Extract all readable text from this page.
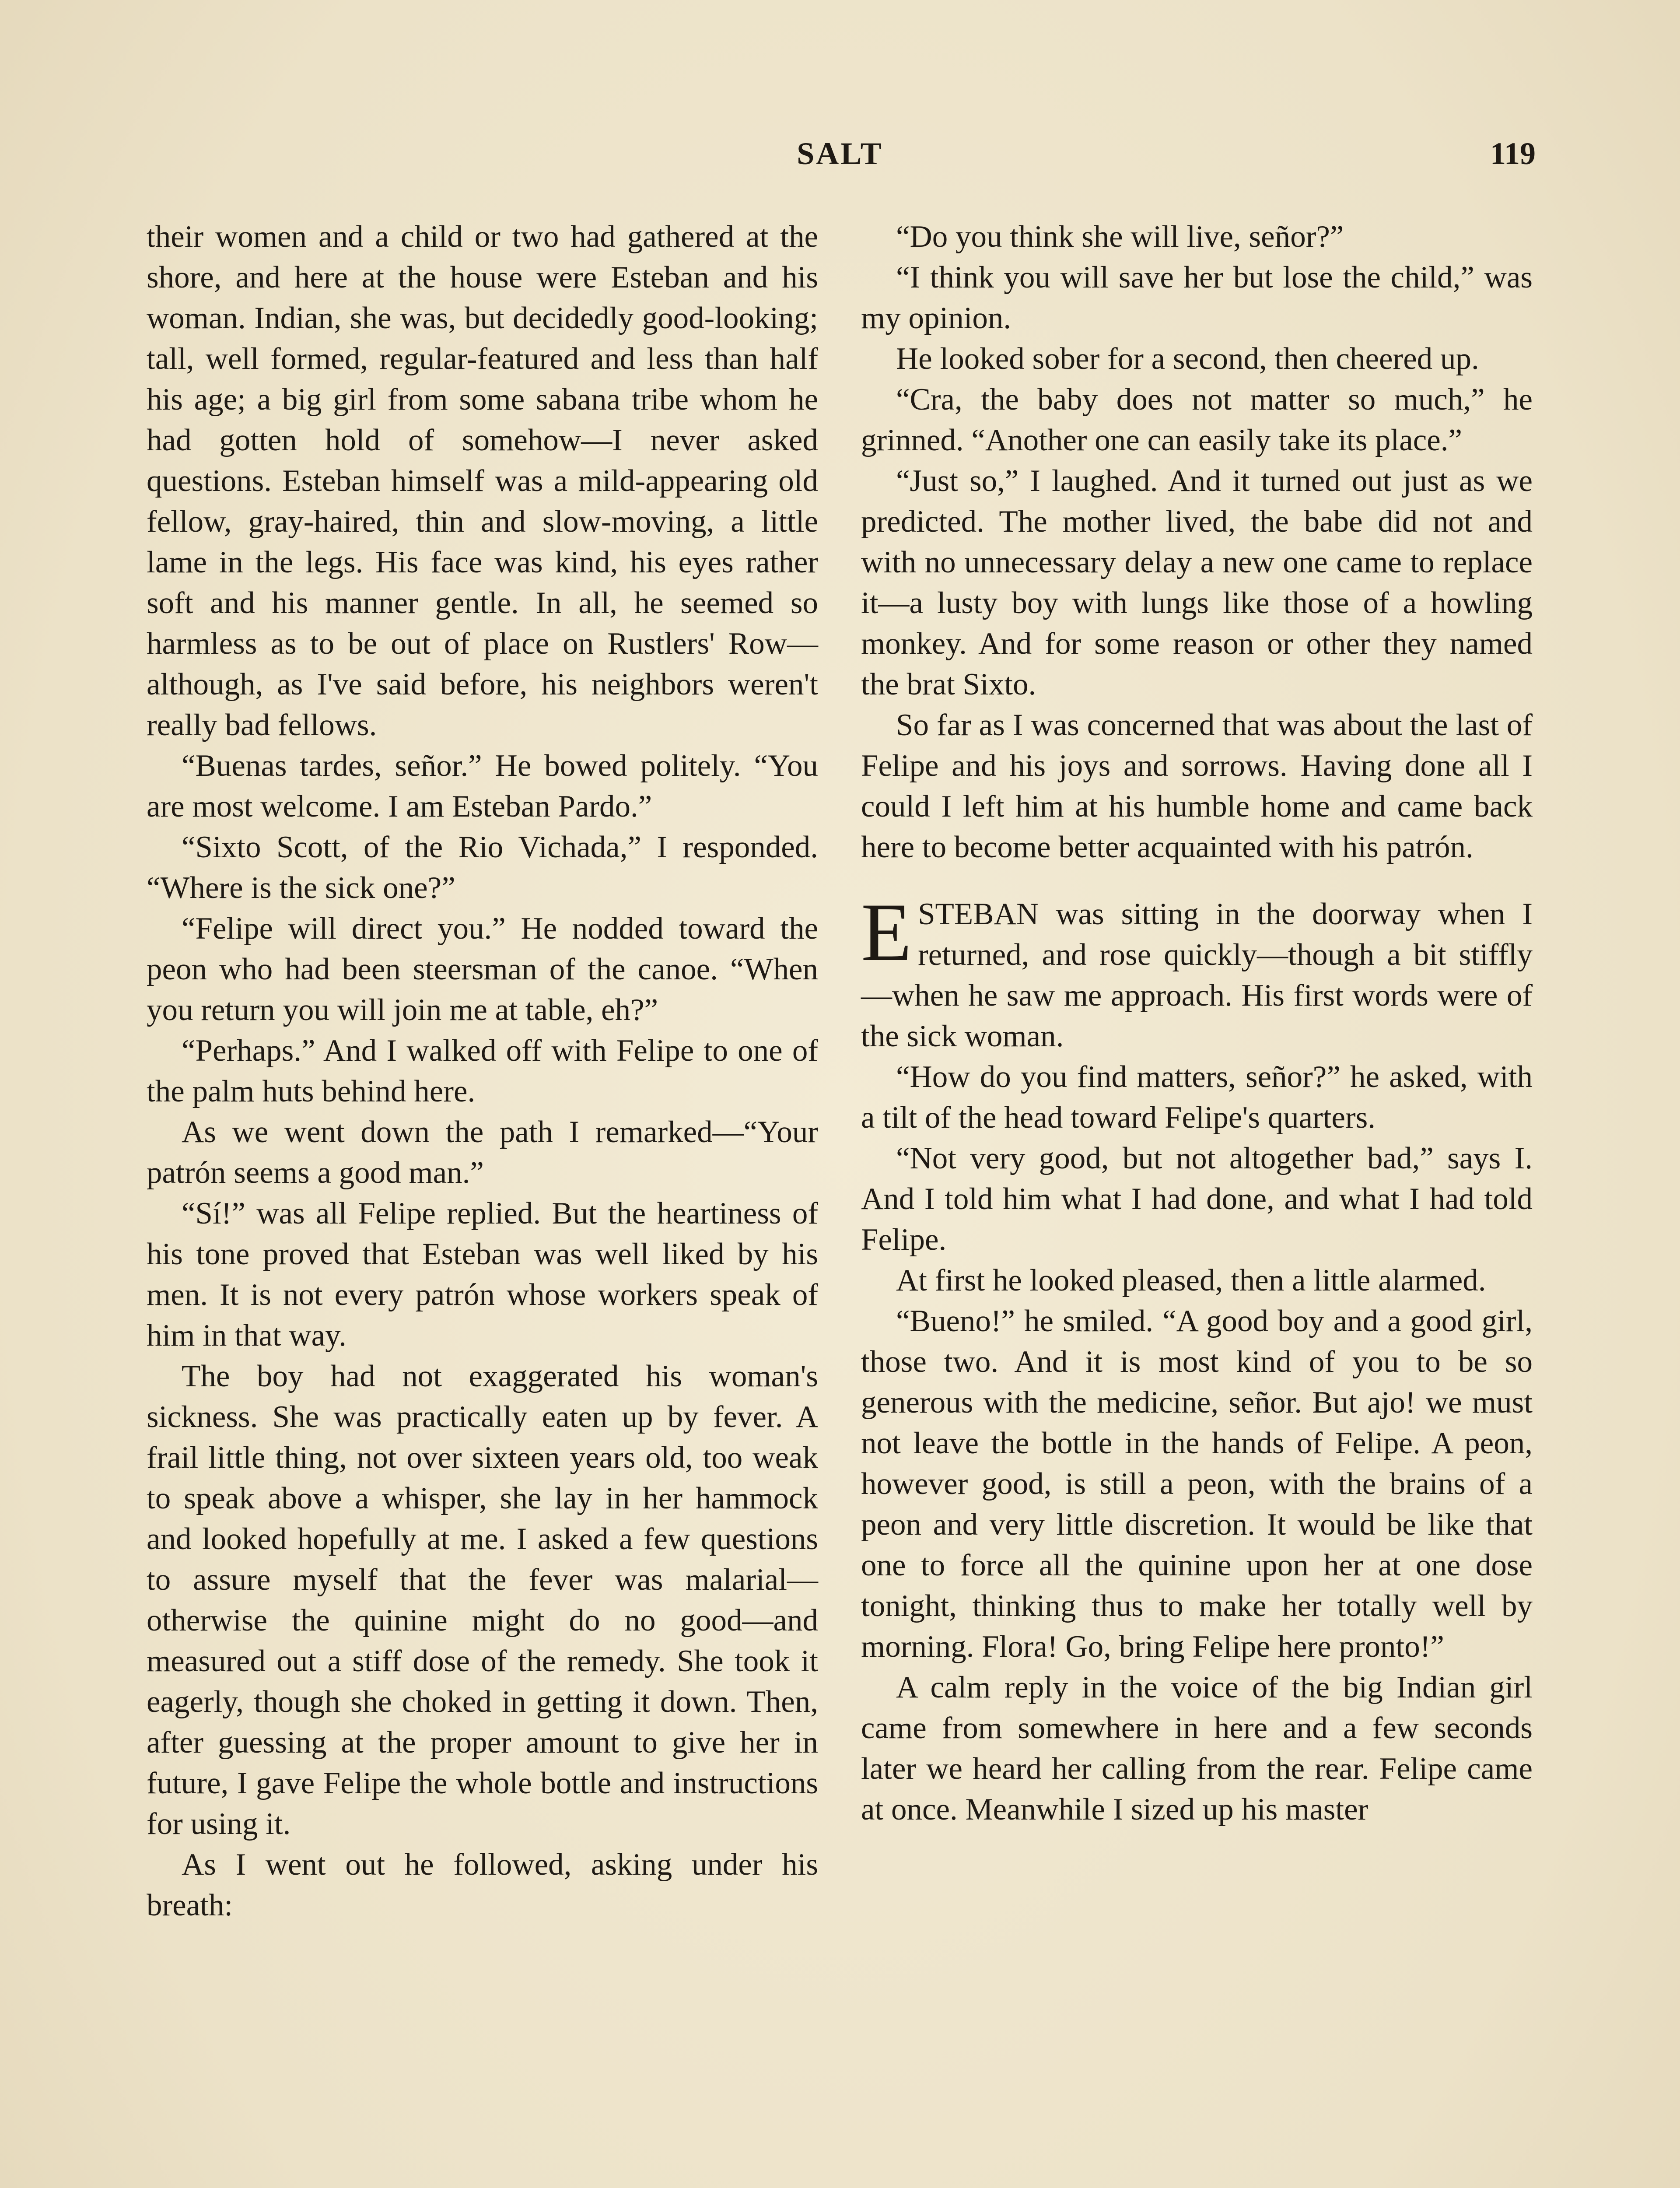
SALT	119

their women and a child or two had gathered at the shore, and here at the house were Esteban and his woman. Indian, she was, but decidedly good-looking; tall, well formed, regular-featured and less than half his age; a big girl from some sabana tribe whom he had gotten hold of somehow—I never asked questions. Esteban himself was a mild-appearing old fellow, gray-haired, thin and slow-moving, a little lame in the legs. His face was kind, his eyes rather soft and his manner gentle. In all, he seemed so harmless as to be out of place on Rustlers' Row—although, as I've said before, his neighbors weren't really bad fellows.

“Buenas tardes, señor.” He bowed politely. “You are most welcome. I am Esteban Pardo.”

“Sixto Scott, of the Rio Vichada,” I responded. “Where is the sick one?”

“Felipe will direct you.” He nodded toward the peon who had been steersman of the canoe. “When you return you will join me at table, eh?”

“Perhaps.” And I walked off with Felipe to one of the palm huts behind here.

As we went down the path I remarked—“Your patrón seems a good man.”

“Sí!” was all Felipe replied. But the heartiness of his tone proved that Esteban was well liked by his men. It is not every patrón whose workers speak of him in that way.

The boy had not exaggerated his woman's sickness. She was practically eaten up by fever. A frail little thing, not over sixteen years old, too weak to speak above a whisper, she lay in her hammock and looked hopefully at me. I asked a few questions to assure myself that the fever was malarial—otherwise the quinine might do no good—and measured out a stiff dose of the remedy. She took it eagerly, though she choked in getting it down. Then, after guessing at the proper amount to give her in future, I gave Felipe the whole bottle and instructions for using it.

As I went out he followed, asking under his breath:

“Do you think she will live, señor?”

“I think you will save her but lose the child,” was my opinion.

He looked sober for a second, then cheered up.

“Cra, the baby does not matter so much,” he grinned. “Another one can easily take its place.”

“Just so,” I laughed. And it turned out just as we predicted. The mother lived, the babe did not and with no unnecessary delay a new one came to replace it—a lusty boy with lungs like those of a howling monkey. And for some reason or other they named the brat Sixto.

So far as I was concerned that was about the last of Felipe and his joys and sorrows. Having done all I could I left him at his humble home and came back here to become better acquainted with his patrón.

ESTEBAN was sitting in the doorway when I returned, and rose quickly—though a bit stiffly—when he saw me approach. His first words were of the sick woman.

“How do you find matters, señor?” he asked, with a tilt of the head toward Felipe's quarters.

“Not very good, but not altogether bad,” says I. And I told him what I had done, and what I had told Felipe.

At first he looked pleased, then a little alarmed.

“Bueno!” he smiled. “A good boy and a good girl, those two. And it is most kind of you to be so generous with the medicine, señor. But ajo! we must not leave the bottle in the hands of Felipe. A peon, however good, is still a peon, with the brains of a peon and very little discretion. It would be like that one to force all the quinine upon her at one dose tonight, thinking thus to make her totally well by morning. Flora! Go, bring Felipe here pronto!”

A calm reply in the voice of the big Indian girl came from somewhere in here and a few seconds later we heard her calling from the rear. Felipe came at once. Meanwhile I sized up his master
